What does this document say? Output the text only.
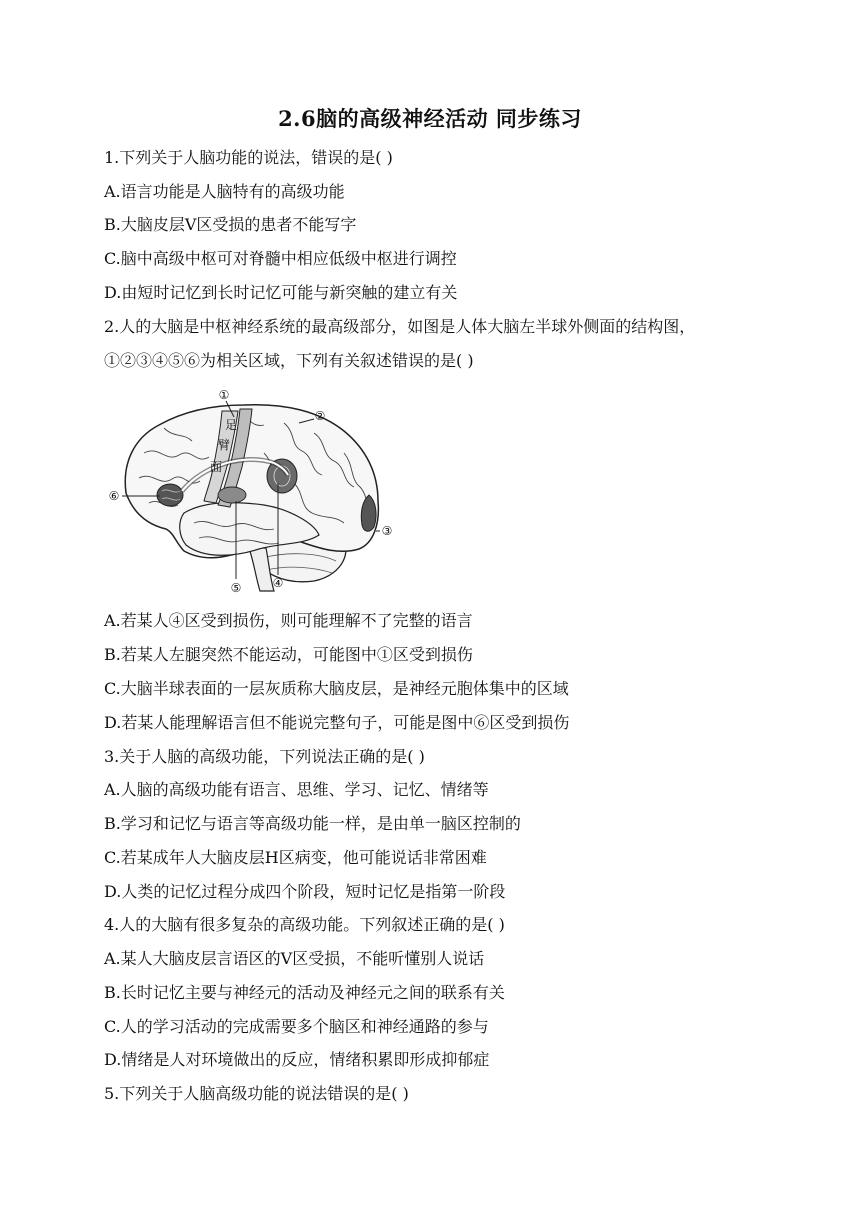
2.6脑的高级神经活动 同步练习
1.下列关于人脑功能的说法，错误的是( )
A.语言功能是人脑特有的高级功能
B.大脑皮层V区受损的患者不能写字
C.脑中高级中枢可对脊髓中相应低级中枢进行调控
D.由短时记忆到长时记忆可能与新突触的建立有关
2.人的大脑是中枢神经系统的最高级部分，如图是人体大脑左半球外侧面的结构图，
①②③④⑤⑥为相关区域，下列有关叙述错误的是( )
足
臂
面
①
②
③
④
⑤
⑥
A.若某人④区受到损伤，则可能理解不了完整的语言
B.若某人左腿突然不能运动，可能图中①区受到损伤
C.大脑半球表面的一层灰质称大脑皮层，是神经元胞体集中的区域
D.若某人能理解语言但不能说完整句子，可能是图中⑥区受到损伤
3.关于人脑的高级功能，下列说法正确的是( )
A.人脑的高级功能有语言、思维、学习、记忆、情绪等
B.学习和记忆与语言等高级功能一样，是由单一脑区控制的
C.若某成年人大脑皮层H区病变，他可能说话非常困难
D.人类的记忆过程分成四个阶段，短时记忆是指第一阶段
4.人的大脑有很多复杂的高级功能。下列叙述正确的是( )
A.某人大脑皮层言语区的V区受损，不能听懂别人说话
B.长时记忆主要与神经元的活动及神经元之间的联系有关
C.人的学习活动的完成需要多个脑区和神经通路的参与
D.情绪是人对环境做出的反应，情绪积累即形成抑郁症
5.下列关于人脑高级功能的说法错误的是( )
